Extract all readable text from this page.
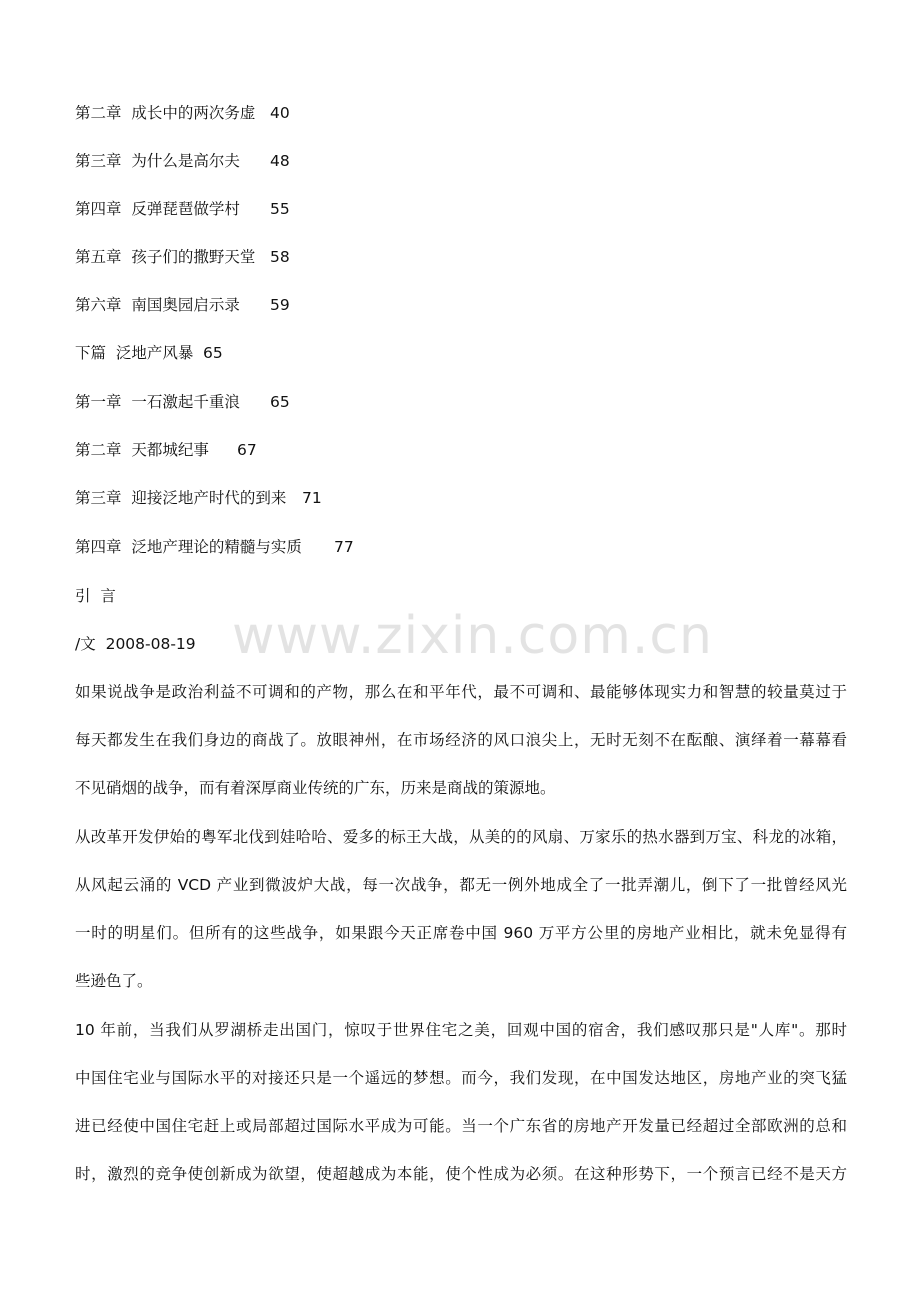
www.zixin.com.cn
第二章  成长中的两次务虚 40
第三章  为什么是高尔夫 48
第四章  反弹琵琶做学村 55
第五章  孩子们的撒野天堂 58
第六章  南国奥园启示录 59
下篇  泛地产风暴 65
第一章  一石激起千重浪 65
第二章  天都城纪事 67
第三章  迎接泛地产时代的到来 71
第四章  泛地产理论的精髓与实质 77
引  言
/文  2008-08-19
如果说战争是政治利益不可调和的产物，那么在和平年代，最不可调和、最能够体现实力和智慧的较量莫过于
每天都发生在我们身边的商战了。放眼神州，在市场经济的风口浪尖上，无时无刻不在酝酿、演绎着一幕幕看
不见硝烟的战争，而有着深厚商业传统的广东，历来是商战的策源地。
从改革开发伊始的粤军北伐到娃哈哈、爱多的标王大战，从美的的风扇、万家乐的热水器到万宝、科龙的冰箱，
从风起云涌的 VCD 产业到微波炉大战，每一次战争，都无一例外地成全了一批弄潮儿，倒下了一批曾经风光
一时的明星们。但所有的这些战争，如果跟今天正席卷中国 960 万平方公里的房地产业相比，就未免显得有
些逊色了。
10 年前，当我们从罗湖桥走出国门，惊叹于世界住宅之美，回观中国的宿舍，我们感叹那只是"人库"。那时
中国住宅业与国际水平的对接还只是一个遥远的梦想。而今，我们发现，在中国发达地区，房地产业的突飞猛
进已经使中国住宅赶上或局部超过国际水平成为可能。当一个广东省的房地产开发量已经超过全部欧洲的总和
时，激烈的竞争使创新成为欲望，使超越成为本能，使个性成为必须。在这种形势下，一个预言已经不是天方
